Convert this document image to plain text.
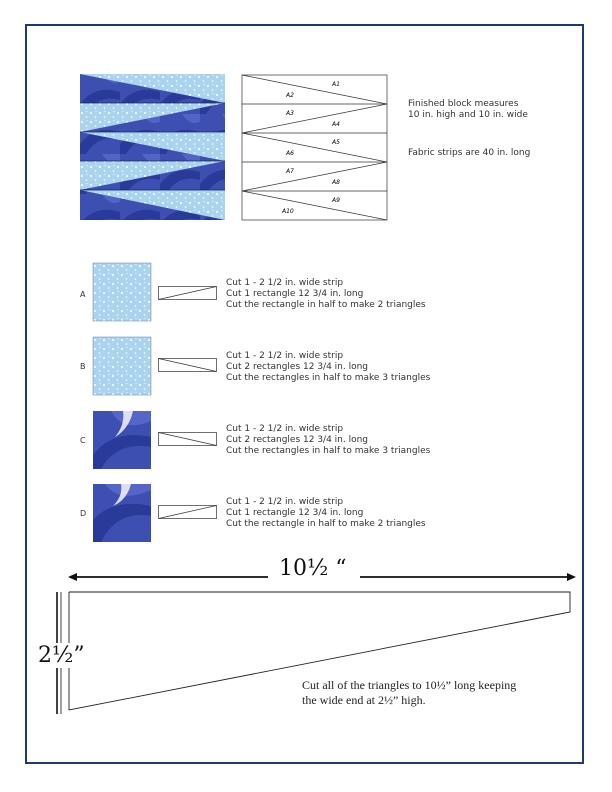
A1
A2
A3
A4
A5
A6
A7
A8
A9
A10
Finished block measures
10 in. high and 10 in. wide
Fabric strips are 40 in. long
A
Cut 1 - 2 1/2 in. wide strip
Cut 1 rectangle 12 3/4 in. long
Cut the rectangle in half to make 2 triangles
B
Cut 1 - 2 1/2 in. wide strip
Cut 2 rectangles 12 3/4 in. long
Cut the rectangles in half to make 3 triangles
C
Cut 1 - 2 1/2 in. wide strip
Cut 2 rectangles 12 3/4 in. long
Cut the rectangles in half to make 3 triangles
D
Cut 1 - 2 1/2 in. wide strip
Cut 1 rectangle 12 3/4 in. long
Cut the rectangle in half to make 2 triangles
10½ “
2½”
Cut all of the triangles to 10½” long keeping
the wide end at 2½” high.
